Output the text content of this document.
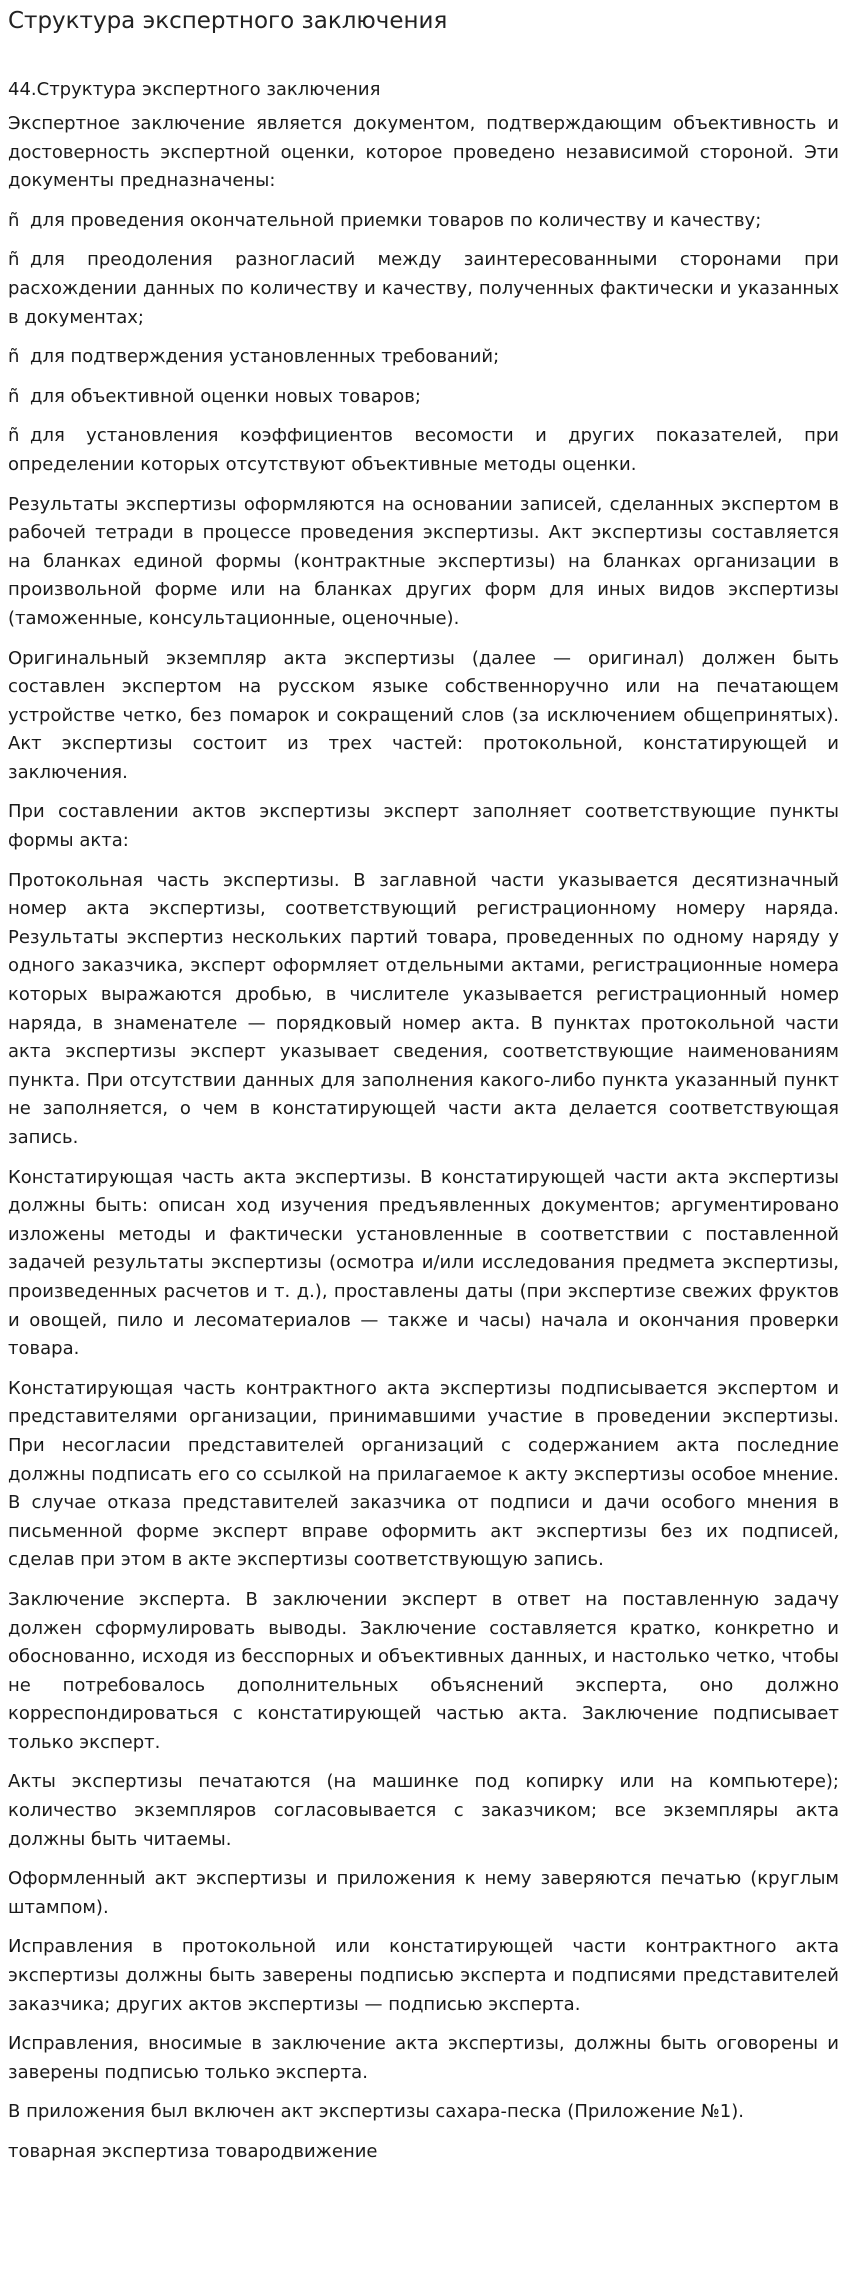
Структура экспертного заключения
44.Структура экспертного заключения

Экспертное заключение является документом, подтверждающим объективность и достоверность экспертной оценки, которое проведено независимой стороной. Эти документы предназначены:

ñ для проведения окончательной приемки товаров по количеству и качеству;

ñ для преодоления разногласий между заинтересованными сторонами при расхождении данных по количеству и качеству, полученных фактически и указанных в документах;

ñ для подтверждения установленных требований;

ñ для объективной оценки новых товаров;

ñ для установления коэффициентов весомости и других показателей, при определении которых отсутствуют объективные методы оценки.

Результаты экспертизы оформляются на основании записей, сделанных экспертом в рабочей тетради в процессе проведения экспертизы. Акт экспертизы составляется на бланках единой формы (контрактные экспертизы) на бланках организации в произвольной форме или на бланках других форм для иных видов экспертизы (таможенные, консультационные, оценочные).

Оригинальный экземпляр акта экспертизы (далее — оригинал) должен быть составлен экспертом на русском языке собственноручно или на печатающем устройстве четко, без помарок и сокращений слов (за исключением общепринятых). Акт экспертизы состоит из трех частей: протокольной, констатирующей и заключения.

При составлении актов экспертизы эксперт заполняет соответствующие пункты формы акта:

Протокольная часть экспертизы. В заглавной части указывается десятизначный номер акта экспертизы, соответствующий регистрационному номеру наряда. Результаты экспертиз нескольких партий товара, проведенных по одному наряду у одного заказчика, эксперт оформляет отдельными актами, регистрационные номера которых выражаются дробью, в числителе указывается регистрационный номер наряда, в знаменателе — порядковый номер акта. В пунктах протокольной части акта экспертизы эксперт указывает сведения, соответствующие наименованиям пункта. При отсутствии данных для заполнения какого-либо пункта указанный пункт не заполняется, о чем в констатирующей части акта делается соответствующая запись.

Констатирующая часть акта экспертизы. В констатирующей части акта экспертизы должны быть: описан ход изучения предъявленных документов; аргументировано изложены методы и фактически установленные в соответствии с поставленной задачей результаты экспертизы (осмотра и/или исследования предмета экспертизы, произведенных расчетов и т. д.), проставлены даты (при экспертизе свежих фруктов и овощей, пило и лесоматериалов — также и часы) начала и окончания проверки товара.

Констатирующая часть контрактного акта экспертизы подписывается экспертом и представителями организации, принимавшими участие в проведении экспертизы. При несогласии представителей организаций с содержанием акта последние должны подписать его со ссылкой на прилагаемое к акту экспертизы особое мнение. В случае отказа представителей заказчика от подписи и дачи особого мнения в письменной форме эксперт вправе оформить акт экспертизы без их подписей, сделав при этом в акте экспертизы соответствующую запись.

Заключение эксперта. В заключении эксперт в ответ на поставленную задачу должен сформулировать выводы. Заключение составляется кратко, конкретно и обоснованно, исходя из бесспорных и объективных данных, и настолько четко, чтобы не потребовалось дополнительных объяснений эксперта, оно должно корреспондироваться с констатирующей частью акта. Заключение подписывает только эксперт.

Акты экспертизы печатаются (на машинке под копирку или на компьютере); количество экземпляров согласовывается с заказчиком; все экземпляры акта должны быть читаемы.

Оформленный акт экспертизы и приложения к нему заверяются печатью (круглым штампом).

Исправления в протокольной или констатирующей части контрактного акта экспертизы должны быть заверены подписью эксперта и подписями представителей заказчика; других актов экспертизы — подписью эксперта.

Исправления, вносимые в заключение акта экспертизы, должны быть оговорены и заверены подписью только эксперта.

В приложения был включен акт экспертизы сахара-песка (Приложение №1).

товарная экспертиза товародвижение
